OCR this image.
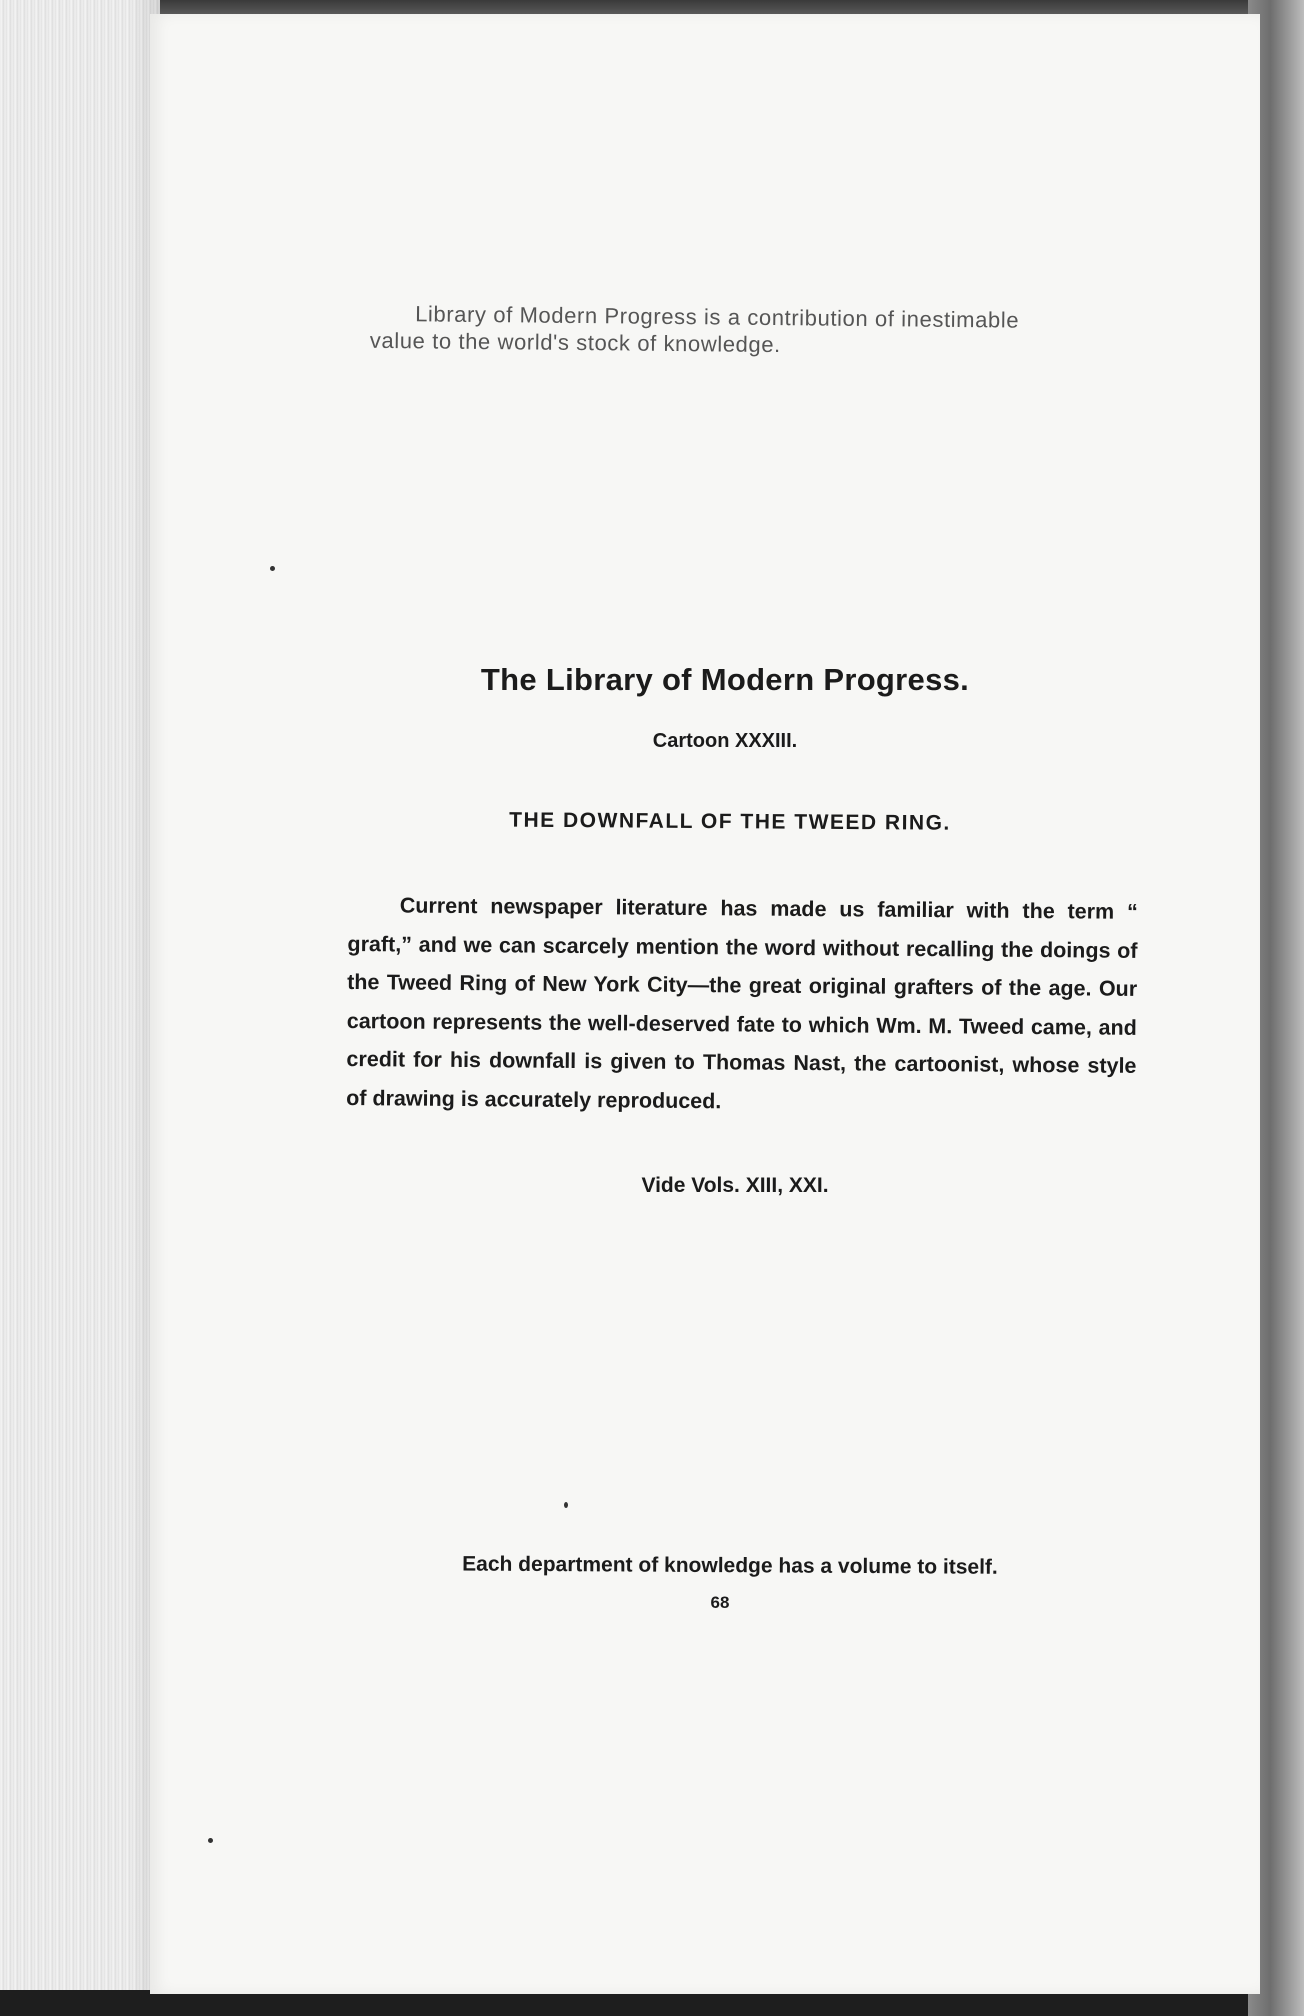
Library of Modern Progress is a contribution of inestimable
value to the world's stock of knowledge.
The Library of Modern Progress.
Cartoon XXXIII.
THE DOWNFALL OF THE TWEED RING.
Current newspaper literature has made us familiar with the term “ graft,” and we can scarcely mention the word without recalling the doings of the Tweed Ring of New York City—the great original grafters of the age. Our cartoon represents the well-deserved fate to which Wm. M. Tweed came, and credit for his downfall is given to Thomas Nast, the cartoonist, whose style of drawing is accurately reproduced.
Vide Vols. XIII, XXI.
Each department of knowledge has a volume to itself.
68
